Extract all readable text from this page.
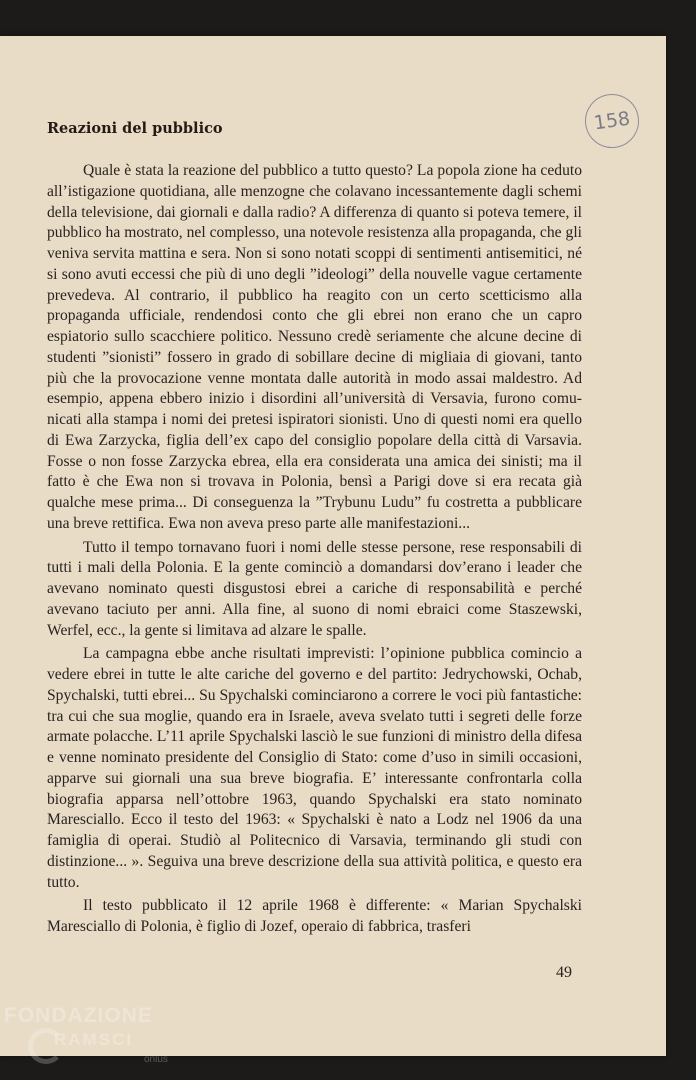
158
Reazioni del pubblico

Quale è stata la reazione del pubblico a tutto questo? La popola zione ha ceduto all’istigazione quotidiana, alle menzogne che colavano incessantemente dagli schemi della televisione, dai giornali e dalla radio? A differenza di quanto si poteva temere, il pubblico ha mostrato, nel complesso, una notevole resistenza alla propaganda, che gli veniva servita mattina e sera. Non si sono notati scoppi di sentimenti antisemitici, né si sono avuti eccessi che più di uno degli ”ideologi” della nouvelle vague certamente prevedeva. Al contrario, il pubblico ha reagito con un certo scetticismo alla propaganda ufficiale, rendendosi conto che gli ebrei non erano che un capro espiatorio sullo scacchiere politico. Nessuno credè seriamente che alcune decine di studenti ”sionisti” fossero in grado di sobillare decine di migliaia di giovani, tanto più che la provocazione venne montata dalle autorità in modo assai maldestro. Ad esempio, appena ebbero inizio i disordini all’università di Versavia, furono comunicati alla stampa i nomi dei pretesi ispiratori sionisti. Uno di questi nomi era quello di Ewa Zarzycka, figlia dell’ex capo del consiglio popolare della città di Varsavia. Fosse o non fosse Zarzycka ebrea, ella era considerata una amica dei sinisti; ma il fatto è che Ewa non si trovava in Polonia, bensì a Parigi dove si era recata già qualche mese prima... Di conseguenza la ”Trybunu Ludu” fu costretta a pubblicare una breve rettifica. Ewa non aveva preso parte alle manifestazioni...

Tutto il tempo tornavano fuori i nomi delle stesse persone, rese responsabili di tutti i mali della Polonia. E la gente cominciò a domandarsi dov’erano i leader che avevano nominato questi disgustosi ebrei a cariche di responsabilità e perché avevano taciuto per anni. Alla fine, al suono di nomi ebraici come Staszewski, Werfel, ecc., la gente si limitava ad alzare le spalle.

La campagna ebbe anche risultati imprevisti: l’opinione pubblica comincio a vedere ebrei in tutte le alte cariche del governo e del partito: Jedrychowski, Ochab, Spychalski, tutti ebrei... Su Spychalski cominciarono a correre le voci più fantastiche: tra cui che sua moglie, quando era in Israele, aveva svelato tutti i segreti delle forze armate polacche. L’11 aprile Spychalski lasciò le sue funzioni di ministro della difesa e venne nominato presidente del Consiglio di Stato: come d’uso in simili occasioni, apparve sui giornali una sua breve biografia. E’ interessante confrontarla colla biografia apparsa nell’ottobre 1963, quando Spychalski era stato nominato Maresciallo. Ecco il testo del 1963: « Spychalski è nato a Lodz nel 1906 da una famiglia di operai. Studiò al Politecnico di Varsavia, terminando gli studi con distinzione... ». Seguiva una breve descrizione della sua attività politica, e questo era tutto.

Il testo pubblicato il 12 aprile 1968 è differente: « Marian Spychalski Maresciallo di Polonia, è figlio di Jozef, operaio di fabbrica, trasferi

49

FONDAZIONE
RAMSCI
onlus
